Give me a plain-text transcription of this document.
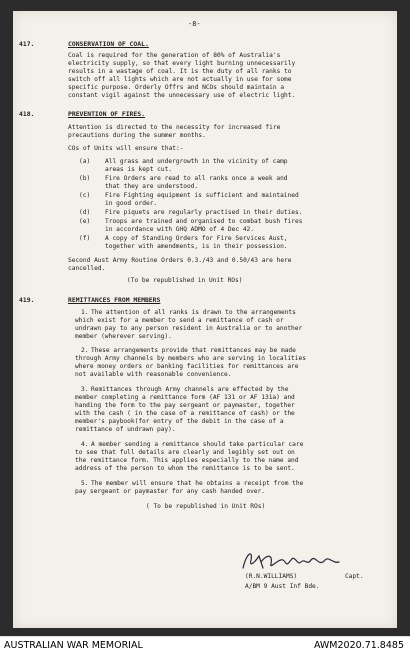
-8-
417.	CONSERVATION OF COAL.
Coal is required for the generation of 80% of Australia's
electricity supply, so that every light burning unnecessarily
results in a wastage of coal. It is the duty of all ranks to
switch off all lights which are not actually in use for some
specific purpose. Orderly Offrs and NCOs should maintain a
constant vigil against the unnecessary use of electric light.
418.	PREVENTION OF FIRES.
Attention is directed to the necessity for increased fire
precautions during the summer months.
COs of Units will ensure that:-
(a) All grass and undergrowth in the vicinity of camp
areas is kept cut.
(b) Fire Orders are read to all ranks once a week and
that they are understood.
(c) Fire Fighting equipment is sufficient and maintained
in good order.
(d) Fire piquets are regularly practised in their duties.
(e) Troops are trained and organised to combat bush fires
in accordance with GHQ ADMO of 4 Dec 42.
(f) A copy of Standing Orders for Fire Services Aust,
together with amendments, is in their possession.
Second Aust Army Routine Orders 0.3./43 and 0.50/43 are here
cancelled.
(To be republished in Unit ROs)
419.	REMITTANCES FROM MEMBERS
1. The attention of all ranks is drawn to the arrangements
which exist for a member to send a remittance of cash or
undrawn pay to any person resident in Australia or to another
member (wherever serving).
2. These arrangements provide that remittances may be made
through Army channels by members who are serving in localities
where money orders or banking facilities for remittances are
not available with reasonable convenience.
3. Remittances through Army channels are effected by the
member completing a remittance form (AF 131 or AF 131a) and
handing the form to the pay sergeant or paymaster, together
with the cash ( in the case of a remittance of cash) or the
member's paybook(for entry of the debit in the case of a
remittance of undrawn pay).
4. A member sending a remittance should take particular care
to see that full details are clearly and legibly set out on
the remittance form. This applies especially to the name and
address of the person to whom the remittance is to be sent.
5. The member will ensure that he obtains a receipt from the
pay sergeant or paymaster for any cash handed over.
( To be republished in Unit ROs)
(R.N.WILLIAMS)	Capt.
A/BM 9 Aust Inf Bde.
AUSTRALIAN WAR MEMORIAL	AWM2020.71.8485
